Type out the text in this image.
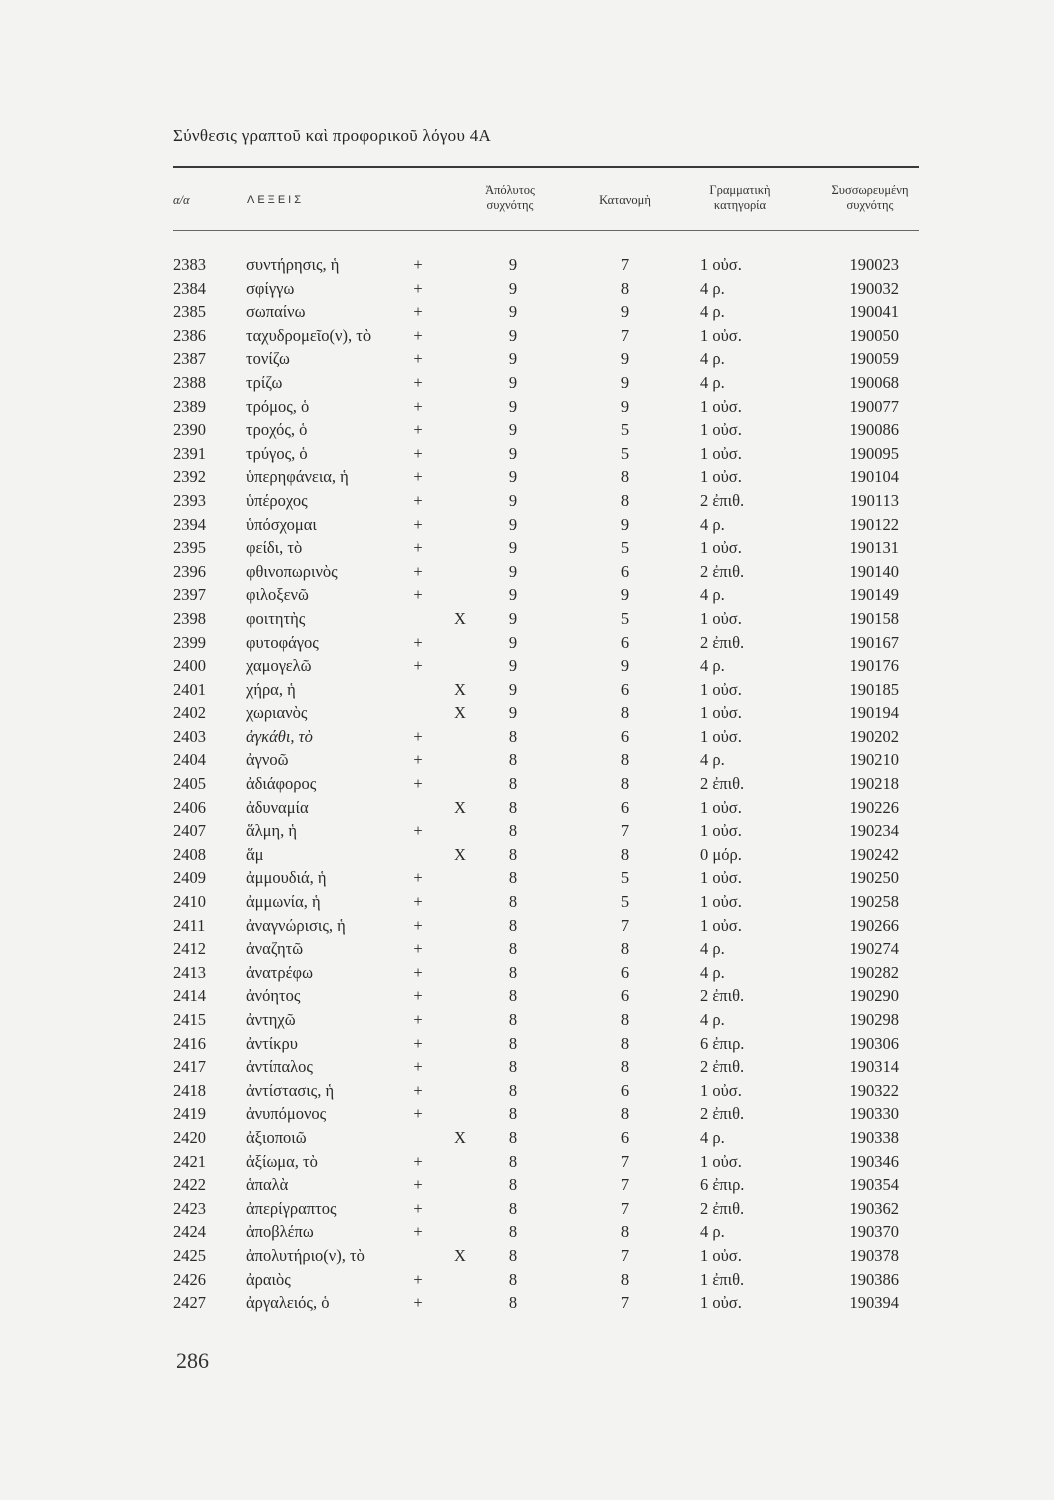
Σύνθεσις γραπτοῦ καὶ προφορικοῦ λόγου 4Α
α/α	ΛΕΞΕΙΣ
Ἀπόλυτος
συχνότης	Κατανομὴ
Γραμματικὴ
κατηγορία
Συσσωρευμένη
συχνότης
2383	συντήρησις, ἡ	+	9	7	1 οὐσ.	190023
2384	σφίγγω	+	9	8	4 ρ.	190032
2385	σωπαίνω	+	9	9	4 ρ.	190041
2386	ταχυδρομεῖο(ν), τὸ	+	9	7	1 οὐσ.	190050
2387	τονίζω	+	9	9	4 ρ.	190059
2388	τρίζω	+	9	9	4 ρ.	190068
2389	τρόμος, ὁ	+	9	9	1 οὐσ.	190077
2390	τροχός, ὁ	+	9	5	1 οὐσ.	190086
2391	τρύγος, ὁ	+	9	5	1 οὐσ.	190095
2392	ὑπερηφάνεια, ἡ	+	9	8	1 οὐσ.	190104
2393	ὑπέροχος	+	9	8	2 ἐπιθ.	190113
2394	ὑπόσχομαι	+	9	9	4 ρ.	190122
2395	φείδι, τὸ	+	9	5	1 οὐσ.	190131
2396	φθινοπωρινὸς	+	9	6	2 ἐπιθ.	190140
2397	φιλοξενῶ	+	9	9	4 ρ.	190149
2398	φοιτητὴς	X	9	5	1 οὐσ.	190158
2399	φυτοφάγος	+	9	6	2 ἐπιθ.	190167
2400	χαμογελῶ	+	9	9	4 ρ.	190176
2401	χήρα, ἡ	X	9	6	1 οὐσ.	190185
2402	χωριανὸς	X	9	8	1 οὐσ.	190194
2403	ἀγκάθι, τὸ	+	8	6	1 οὐσ.	190202
2404	ἀγνοῶ	+	8	8	4 ρ.	190210
2405	ἀδιάφορος	+	8	8	2 ἐπιθ.	190218
2406	ἀδυναμία	X	8	6	1 οὐσ.	190226
2407	ἅλμη, ἡ	+	8	7	1 οὐσ.	190234
2408	ἅμ	X	8	8	0 μόρ.	190242
2409	ἀμμουδιά, ἡ	+	8	5	1 οὐσ.	190250
2410	ἀμμωνία, ἡ	+	8	5	1 οὐσ.	190258
2411	ἀναγνώρισις, ἡ	+	8	7	1 οὐσ.	190266
2412	ἀναζητῶ	+	8	8	4 ρ.	190274
2413	ἀνατρέφω	+	8	6	4 ρ.	190282
2414	ἀνόητος	+	8	6	2 ἐπιθ.	190290
2415	ἀντηχῶ	+	8	8	4 ρ.	190298
2416	ἀντίκρυ	+	8	8	6 ἐπιρ.	190306
2417	ἀντίπαλος	+	8	8	2 ἐπιθ.	190314
2418	ἀντίστασις, ἡ	+	8	6	1 οὐσ.	190322
2419	ἀνυπόμονος	+	8	8	2 ἐπιθ.	190330
2420	ἀξιοποιῶ	X	8	6	4 ρ.	190338
2421	ἀξίωμα, τὸ	+	8	7	1 οὐσ.	190346
2422	ἁπαλὰ	+	8	7	6 ἐπιρ.	190354
2423	ἀπερίγραπτος	+	8	7	2 ἐπιθ.	190362
2424	ἀποβλέπω	+	8	8	4 ρ.	190370
2425	ἀπολυτήριο(ν), τὸ	X	8	7	1 οὐσ.	190378
2426	ἀραιὸς	+	8	8	1 ἐπιθ.	190386
2427	ἀργαλειός, ὁ	+	8	7	1 οὐσ.	190394
286
